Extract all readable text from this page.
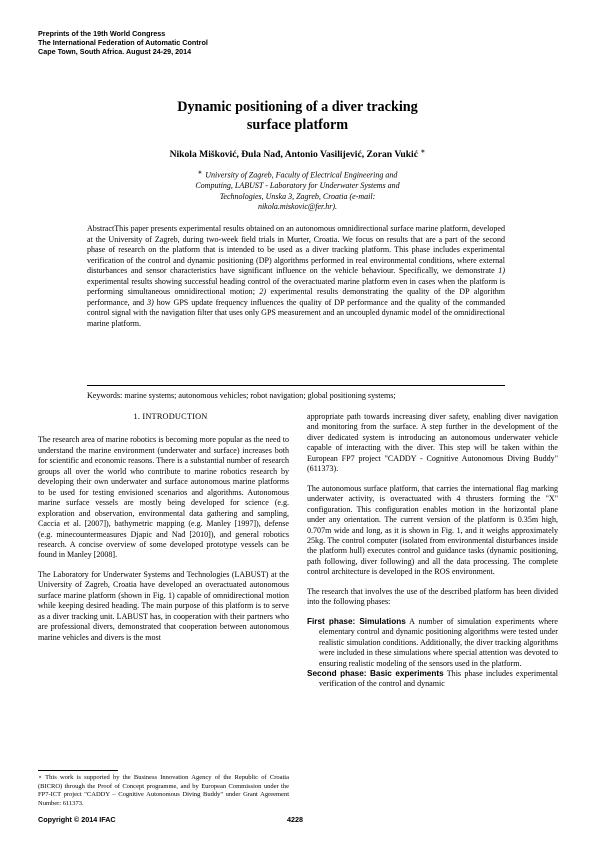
Preprints of the 19th World Congress
The International Federation of Automatic Control
Cape Town, South Africa. August 24-29, 2014
Dynamic positioning of a diver tracking
surface platform
Nikola Mišković, Đula Nađ, Antonio Vasilijević, Zoran Vukić ∗
∗ University of Zagreb, Faculty of Electrical Engineering and
Computing, LABUST - Laboratory for Underwater Systems and
Technologies, Unska 3, Zagreb, Croatia (e-mail:
nikola.miskovic@fer.hr).
AbstractThis paper presents experimental results obtained on an autonomous omnidirectional surface marine platform, developed at the University of Zagreb, during two-week field trials in Murter, Croatia. We focus on results that are a part of the second phase of research on the platform that is intended to be used as a diver tracking platform. This phase includes experimental verification of the control and dynamic positioning (DP) algorithms performed in real environmental conditions, where external disturbances and sensor characteristics have significant influence on the vehicle behaviour. Specifically, we demonstrate 1) experimental results showing successful heading control of the overactuated marine platform even in cases when the platform is performing simultaneous omnidirectional motion; 2) experimental results demonstrating the quality of the DP algorithm performance, and 3) how GPS update frequency influences the quality of DP performance and the quality of the commanded control signal with the navigation filter that uses only GPS measurement and an uncoupled dynamic model of the omnidirectional marine platform.
Keywords: marine systems; autonomous vehicles; robot navigation; global positioning systems;
1. INTRODUCTION

The research area of marine robotics is becoming more popular as the need to understand the marine environment (underwater and surface) increases both for scientific and economic reasons. There is a substantial number of research groups all over the world who contribute to marine robotics research by developing their own underwater and surface autonomous marine platforms to be used for testing envisioned scenarios and algorithms. Autonomous marine surface vessels are mostly being developed for science (e.g. exploration and observation, environmental data gathering and sampling, Caccia et al. [2007]), bathymetric mapping (e.g. Manley [1997]), defense (e.g. minecountermeasures Djapic and Nađ [2010]), and general robotics research. A concise overview of some developed prototype vessels can be found in Manley [2008].

The Laboratory for Underwater Systems and Technologies (LABUST) at the University of Zagreb, Croatia have developed an overactuated autonomous surface marine platform (shown in Fig. 1) capable of omnidirectional motion while keeping desired heading. The main purpose of this platform is to serve as a diver tracking unit. LABUST has, in cooperation with their partners who are professional divers, demonstrated that cooperation between autonomous marine vehicles and divers is the most

appropriate path towards increasing diver safety, enabling diver navigation and monitoring from the surface. A step further in the development of the diver dedicated system is introducing an autonomous underwater vehicle capable of interacting with the diver. This step will be taken within the European FP7 project "CADDY - Cognitive Autonomous Diving Buddy" (611373).

The autonomous surface platform, that carries the international flag marking underwater activity, is overactuated with 4 thrusters forming the "X" configuration. This configuration enables motion in the horizontal plane under any orientation. The current version of the platform is 0.35m high, 0.707m wide and long, as it is shown in Fig. 1, and it weighs approximately 25kg. The control computer (isolated from environmental disturbances inside the platform hull) executes control and guidance tasks (dynamic positioning, path following, diver following) and all the data processing. The complete control architecture is developed in the ROS environment.

The research that involves the use of the described platform has been divided into the following phases:

First phase: Simulations A number of simulation experiments where elementary control and dynamic positioning algorithms were tested under realistic simulation conditions. Additionally, the diver tracking algorithms were included in these simulations where special attention was devoted to ensuring realistic modeling of the sensors used in the platform.

Second phase: Basic experiments This phase includes experimental verification of the control and dynamic

⋆ This work is supported by the Business Innovation Agency of the Republic of Croatia (BICRO) through the Proof of Concept programme, and by European Commission under the FP7-ICT project "CADDY – Cognitive Autonomous Diving Buddy" under Grant Agreement Number: 611373.
Copyright © 2014 IFAC	4228
